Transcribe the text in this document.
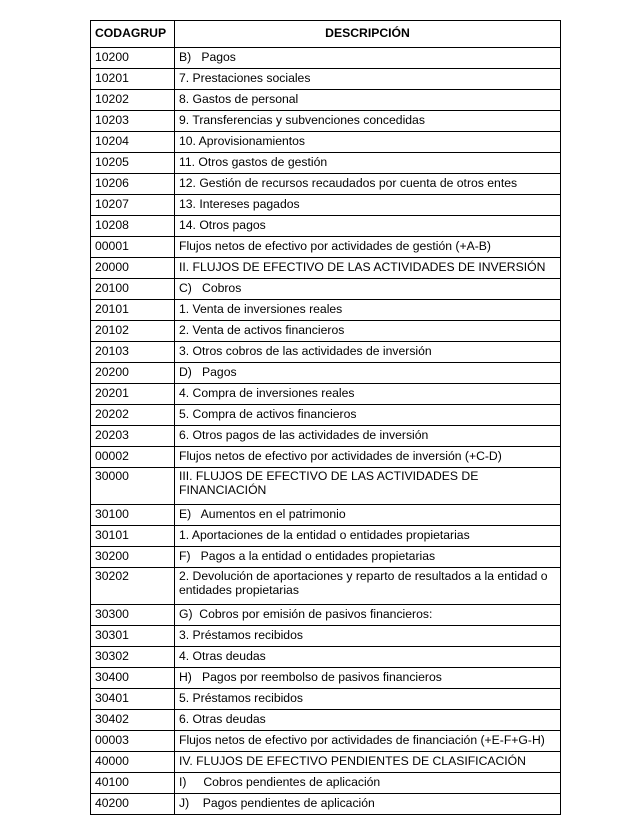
CODAGRUP	DESCRIPCIÓN
10200	B)   Pagos
10201	7. Prestaciones sociales
10202	8. Gastos de personal
10203	9. Transferencias y subvenciones concedidas
10204	10. Aprovisionamientos
10205	11. Otros gastos de gestión
10206	12. Gestión de recursos recaudados por cuenta de otros entes
10207	13. Intereses pagados
10208	14. Otros pagos
00001	Flujos netos de efectivo por actividades de gestión (+A-B)
20000	II. FLUJOS DE EFECTIVO DE LAS ACTIVIDADES DE INVERSIÓN
20100	C)   Cobros
20101	1. Venta de inversiones reales
20102	2. Venta de activos financieros
20103	3. Otros cobros de las actividades de inversión
20200	D)   Pagos
20201	4. Compra de inversiones reales
20202	5. Compra de activos financieros
20203	6. Otros pagos de las actividades de inversión
00002	Flujos netos de efectivo por actividades de inversión (+C-D)
30000	III. FLUJOS DE EFECTIVO DE LAS ACTIVIDADES DE FINANCIACIÓN
30100	E)   Aumentos en el patrimonio
30101	1. Aportaciones de la entidad o entidades propietarias
30200	F)   Pagos a la entidad o entidades propietarias
30202	2. Devolución de aportaciones y reparto de resultados a la entidad o entidades propietarias
30300	G)  Cobros por emisión de pasivos financieros:
30301	3. Préstamos recibidos
30302	4. Otras deudas
30400	H)   Pagos por reembolso de pasivos financieros
30401	5. Préstamos recibidos
30402	6. Otras deudas
00003	Flujos netos de efectivo por actividades de financiación (+E-F+G-H)
40000	IV. FLUJOS DE EFECTIVO PENDIENTES DE CLASIFICACIÓN
40100	I)     Cobros pendientes de aplicación
40200	J)    Pagos pendientes de aplicación
